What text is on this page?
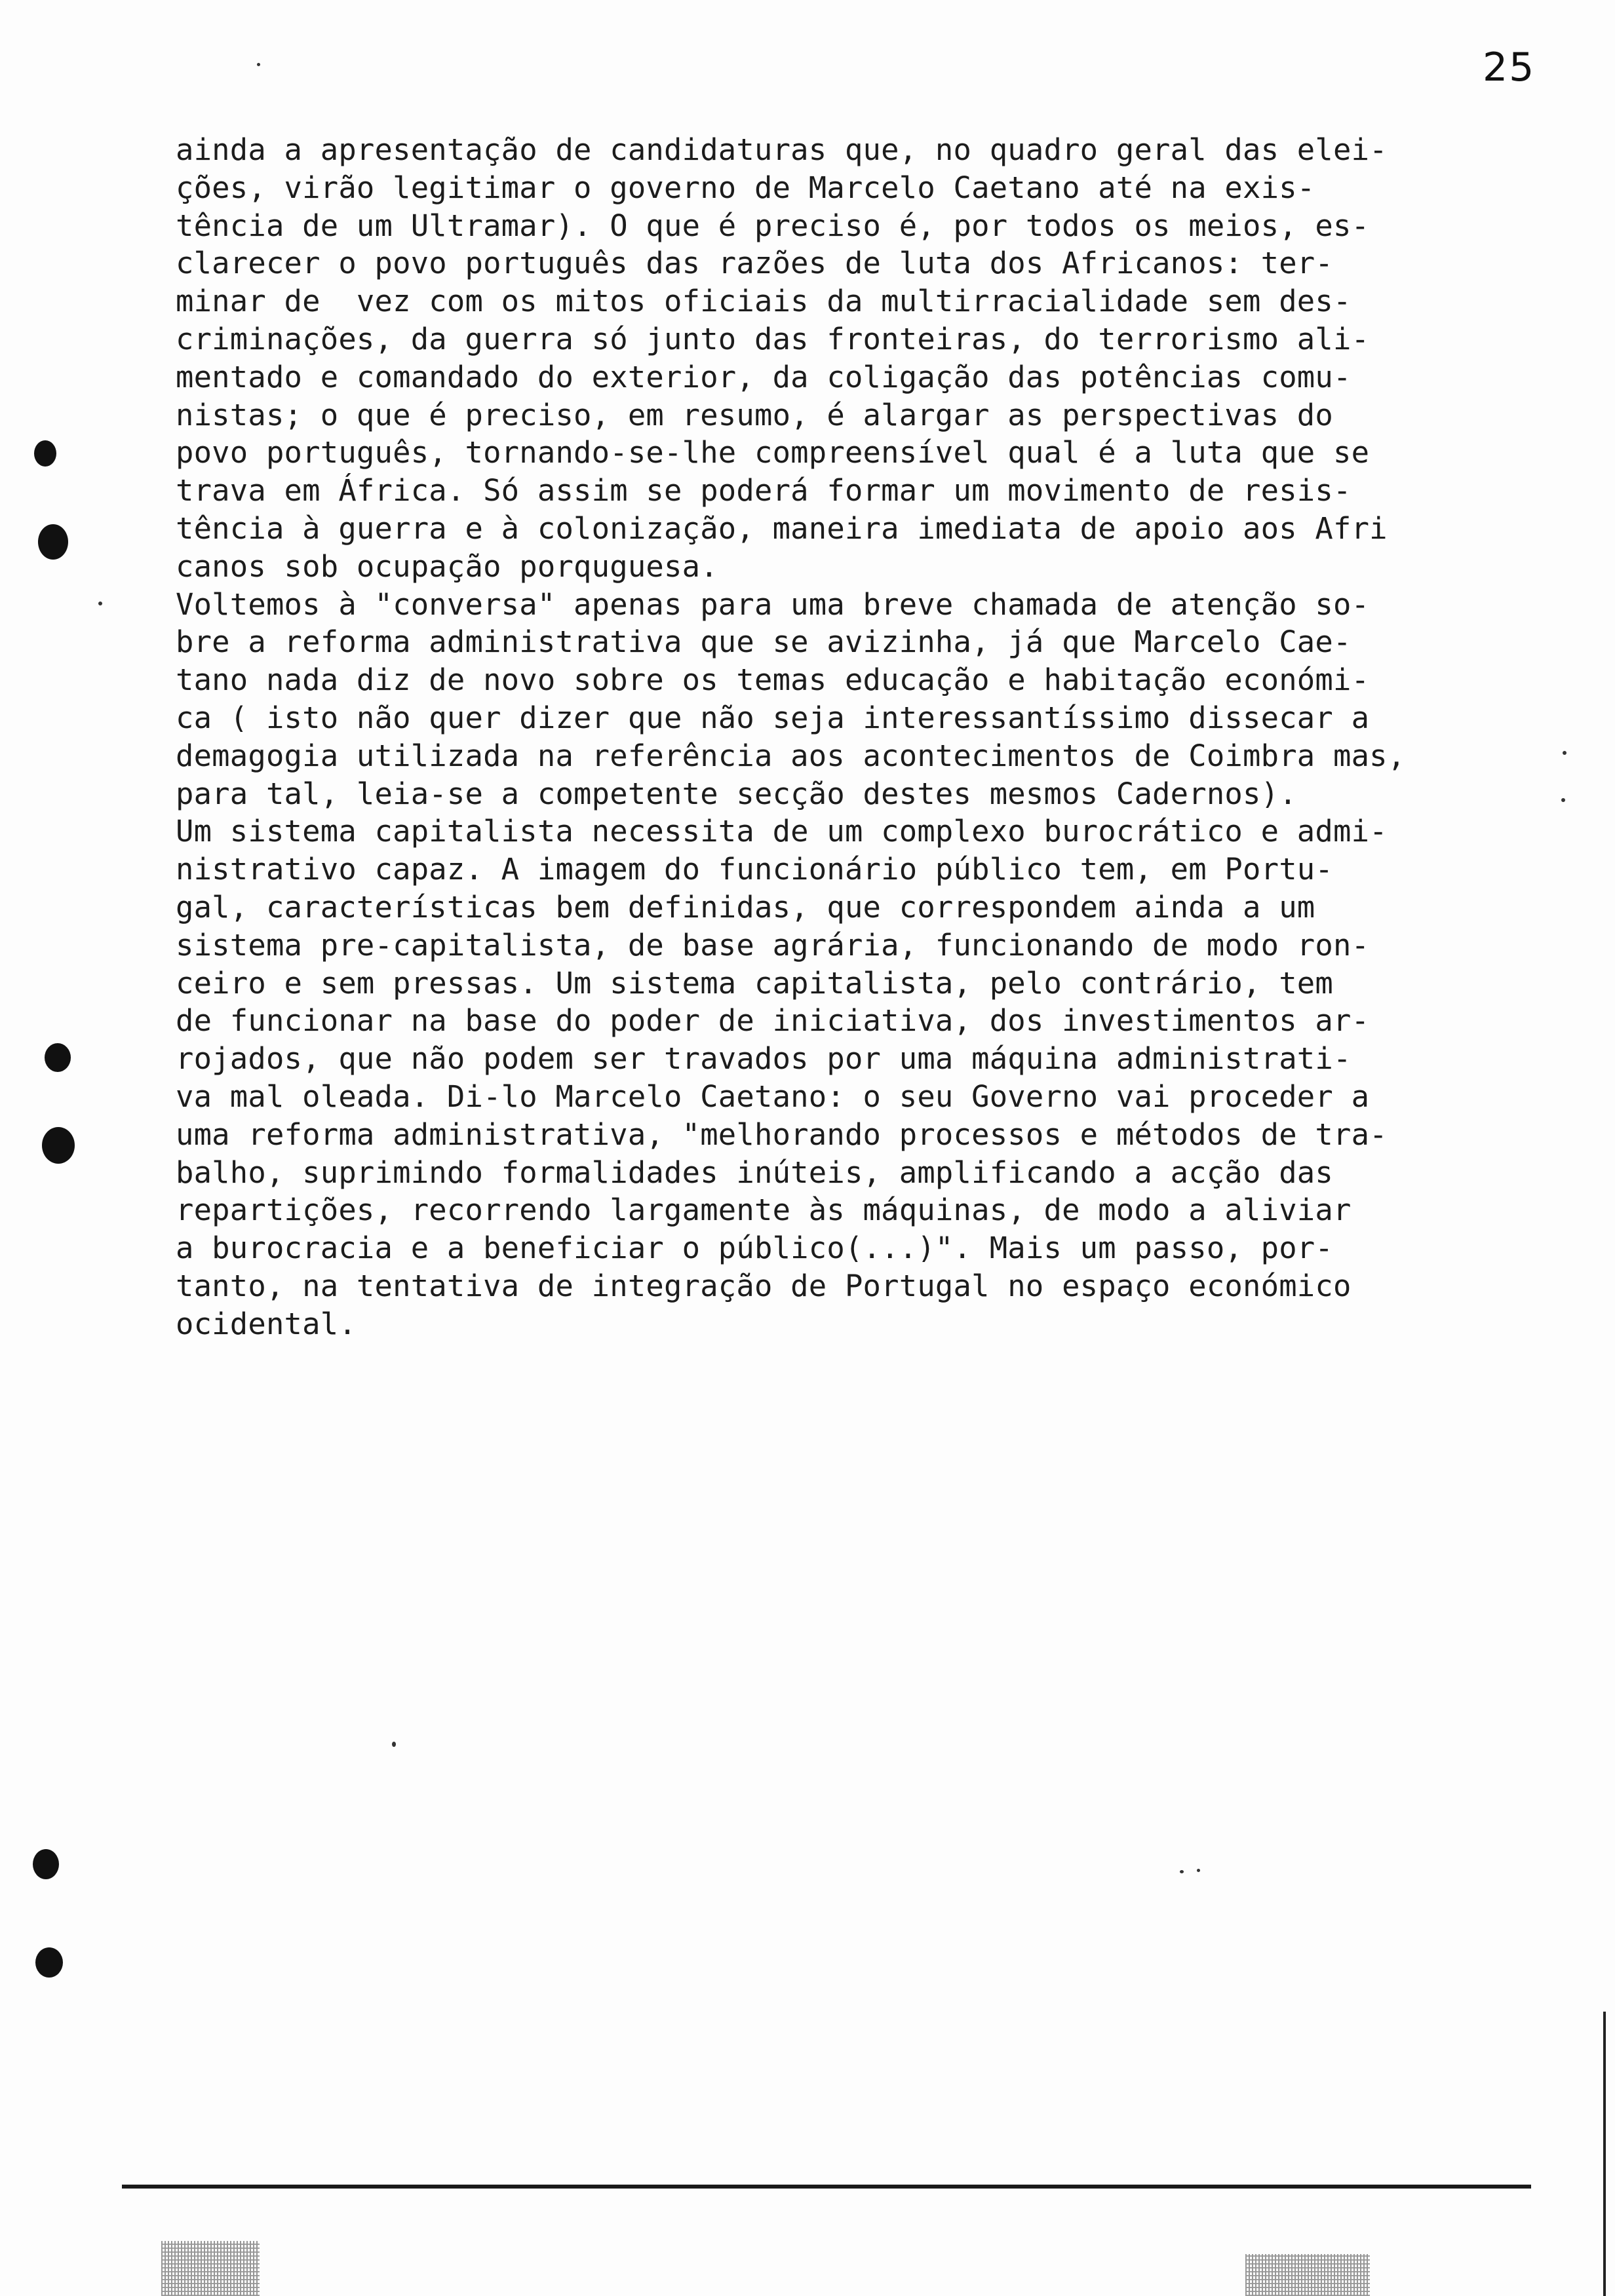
25
ainda a apresentação de candidaturas que, no quadro geral das elei-
ções, virão legitimar o governo de Marcelo Caetano até na exis-
tência de um Ultramar). O que é preciso é, por todos os meios, es-
clarecer o povo português das razões de luta dos Africanos: ter-
minar de  vez com os mitos oficiais da multirracialidade sem des-
criminações, da guerra só junto das fronteiras, do terrorismo ali-
mentado e comandado do exterior, da coligação das potências comu-
nistas; o que é preciso, em resumo, é alargar as perspectivas do
povo português, tornando-se-lhe compreensível qual é a luta que se
trava em África. Só assim se poderá formar um movimento de resis-
tência à guerra e à colonização, maneira imediata de apoio aos Afri
canos sob ocupação porquguesa.
Voltemos à "conversa" apenas para uma breve chamada de atenção so-
bre a reforma administrativa que se avizinha, já que Marcelo Cae-
tano nada diz de novo sobre os temas educação e habitação económi-
ca ( isto não quer dizer que não seja interessantíssimo dissecar a
demagogia utilizada na referência aos acontecimentos de Coimbra mas,
para tal, leia-se a competente secção destes mesmos Cadernos).
Um sistema capitalista necessita de um complexo burocrático e admi-
nistrativo capaz. A imagem do funcionário público tem, em Portu-
gal, características bem definidas, que correspondem ainda a um
sistema pre-capitalista, de base agrária, funcionando de modo ron-
ceiro e sem pressas. Um sistema capitalista, pelo contrário, tem
de funcionar na base do poder de iniciativa, dos investimentos ar-
rojados, que não podem ser travados por uma máquina administrati-
va mal oleada. Di-lo Marcelo Caetano: o seu Governo vai proceder a
uma reforma administrativa, "melhorando processos e métodos de tra-
balho, suprimindo formalidades inúteis, amplificando a acção das
repartições, recorrendo largamente às máquinas, de modo a aliviar
a burocracia e a beneficiar o público(...)". Mais um passo, por-
tanto, na tentativa de integração de Portugal no espaço económico
ocidental.
